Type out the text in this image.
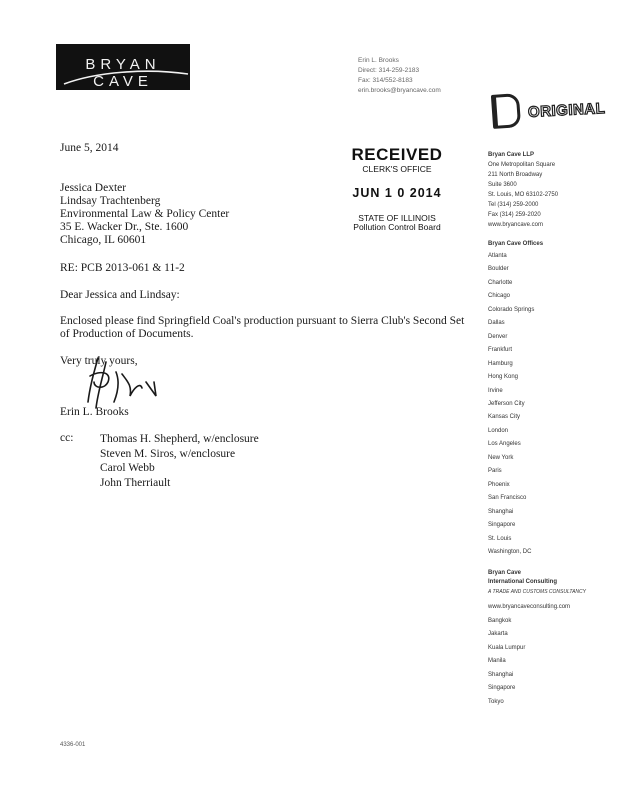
BRYAN CAVE
Erin L. Brooks
Direct: 314-259-2183
Fax: 314/552-8183
erin.brooks@bryancave.com
ORIGINAL
June 5, 2014	RECEIVED
CLERK'S OFFICE
JUN 1 0 2014
STATE OF ILLINOIS
Pollution Control Board
Bryan Cave LLP
One Metropolitan Square
211 North Broadway
Suite 3600
St. Louis, MO 63102-2750
Tel (314) 259-2000
Fax (314) 259-2020
www.bryancave.com
Bryan Cave Offices
Atlanta
Boulder
Charlotte
Chicago
Colorado Springs
Dallas
Denver
Frankfurt
Hamburg
Hong Kong
Irvine
Jefferson City
Kansas City
London
Los Angeles
New York
Paris
Phoenix
San Francisco
Shanghai
Singapore
St. Louis
Washington, DC
Bryan Cave
International Consulting
A TRADE AND CUSTOMS CONSULTANCY
www.bryancaveconsulting.com
Bangkok
Jakarta
Kuala Lumpur
Manila
Shanghai
Singapore
Tokyo
Jessica Dexter
Lindsay Trachtenberg
Environmental Law & Policy Center
35 E. Wacker Dr., Ste. 1600
Chicago, IL 60601
RE: PCB 2013-061 & 11-2
Dear Jessica and Lindsay:
Enclosed please find Springfield Coal's production pursuant to Sierra Club's Second Set of Production of Documents.
Very truly yours,
Erin L. Brooks
cc: Thomas H. Shepherd, w/enclosure
Steven M. Siros, w/enclosure
Carol Webb
John Therriault
4336-001
